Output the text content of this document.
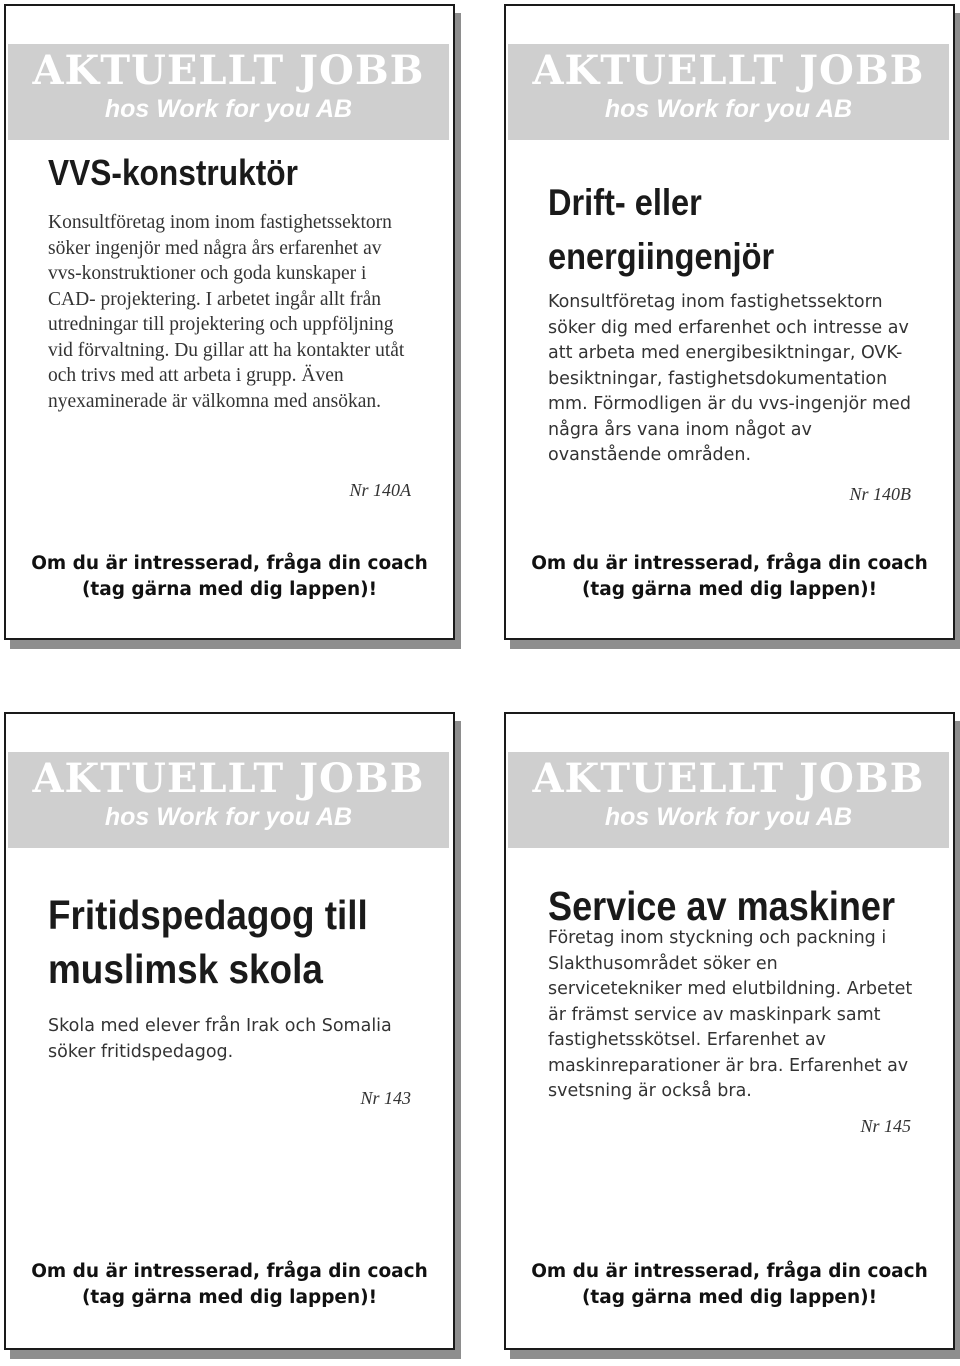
AKTUELLT JOBB
hos Work for you AB
VVS-konstruktör
Konsultföretag inom inom fastighetssektorn söker ingenjör med några års erfarenhet av vvs-konstruktioner och goda kunskaper i CAD- projektering. I arbetet ingår allt från utredningar till projektering och uppföljning vid förvaltning. Du gillar att ha kontakter utåt och trivs med att arbeta i grupp. Även nyexaminerade är välkomna med ansökan.
Nr 140A
Om du är intresserad, fråga din coach
(tag gärna med dig lappen)!
AKTUELLT JOBB
hos Work for you AB
Drift- eller energiingenjör
Konsultföretag inom fastighetssektorn söker dig med erfarenhet och intresse av att arbeta med energibesiktningar, OVK-besiktningar, fastighetsdokumentation mm. Förmodligen är du vvs-ingenjör med några års vana inom något av ovanstående områden.
Nr 140B
Om du är intresserad, fråga din coach
(tag gärna med dig lappen)!
AKTUELLT JOBB
hos Work for you AB
Fritidspedagog till muslimsk skola
Skola med elever från Irak och Somalia söker fritidspedagog.
Nr 143
Om du är intresserad, fråga din coach
(tag gärna med dig lappen)!
AKTUELLT JOBB
hos Work for you AB
Service av maskiner
Företag inom styckning och packning i Slakthusområdet söker en servicetekniker med elutbildning. Arbetet är främst service av maskinpark samt fastighetsskötsel. Erfarenhet av maskinreparationer är bra. Erfarenhet av svetsning är också bra.
Nr 145
Om du är intresserad, fråga din coach
(tag gärna med dig lappen)!
